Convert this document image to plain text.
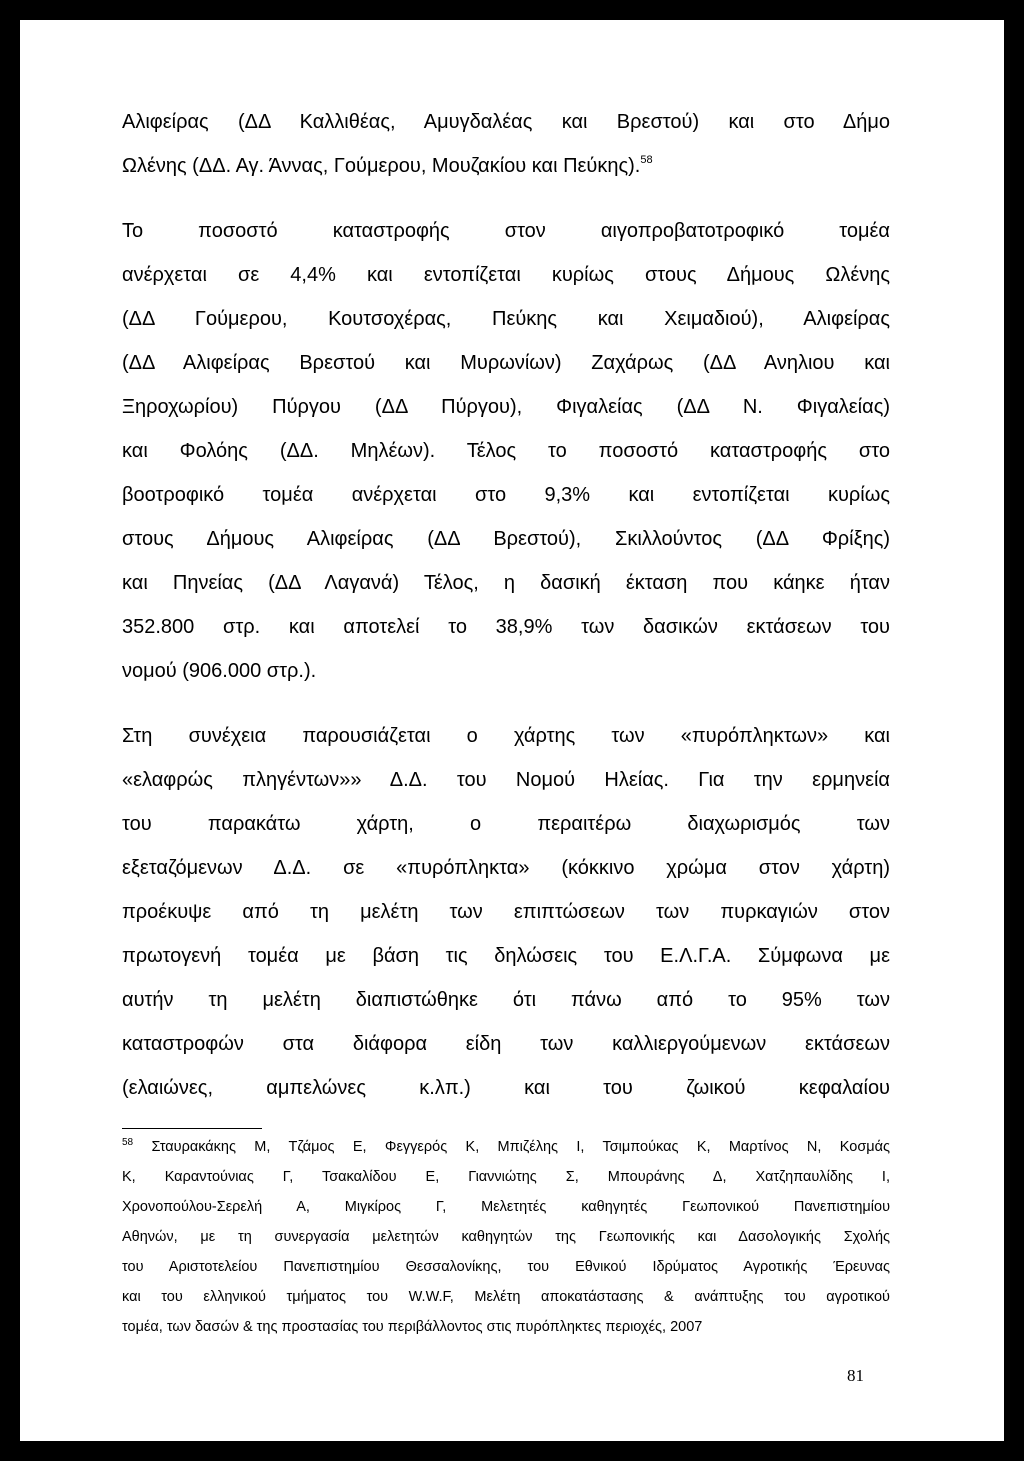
Αλιφείρας (ΔΔ Καλλιθέας, Αμυγδαλέας και Βρεστού) και στο Δήμο
Ωλένης (ΔΔ. Αγ. Άννας, Γούμερου, Μουζακίου και Πεύκης).$^{58}$
Το ποσοστό καταστροφής στον αιγοπροβατοτροφικό τομέα
ανέρχεται σε 4,4% και εντοπίζεται κυρίως στους Δήμους Ωλένης
(ΔΔ Γούμερου, Κουτσοχέρας, Πεύκης και Χειμαδιού), Αλιφείρας
(ΔΔ Αλιφείρας Βρεστού και Μυρωνίων) Ζαχάρως (ΔΔ Ανηλιου και
Ξηροχωρίου) Πύργου (ΔΔ Πύργου), Φιγαλείας (ΔΔ Ν. Φιγαλείας)
και Φολόης (ΔΔ. Μηλέων). Τέλος το ποσοστό καταστροφής στο
βοοτροφικό τομέα ανέρχεται στο 9,3% και εντοπίζεται κυρίως
στους Δήμους Αλιφείρας (ΔΔ Βρεστού), Σκιλλούντος (ΔΔ Φρίξης)
και Πηνείας (ΔΔ Λαγανά) Τέλος, η δασική έκταση που κάηκε ήταν
352.800 στρ. και αποτελεί το 38,9% των δασικών εκτάσεων του
νομού (906.000 στρ.).
Στη συνέχεια παρουσιάζεται ο χάρτης των «πυρόπληκτων» και
«ελαφρώς πληγέντων»» Δ.Δ. του Νομού Ηλείας. Για την ερμηνεία
του παρακάτω χάρτη, ο περαιτέρω διαχωρισμός των
εξεταζόμενων Δ.Δ. σε «πυρόπληκτα» (κόκκινο χρώμα στον χάρτη)
προέκυψε από τη μελέτη των επιπτώσεων των πυρκαγιών στον
πρωτογενή τομέα με βάση τις δηλώσεις του Ε.Λ.Γ.Α. Σύμφωνα με
αυτήν τη μελέτη διαπιστώθηκε ότι πάνω από το 95% των
καταστροφών στα διάφορα είδη των καλλιεργούμενων εκτάσεων
(ελαιώνες, αμπελώνες κ.λπ.) και του ζωικού κεφαλαίου
$^{58}$ Σταυρακάκης Μ, Τζάμος Ε, Φεγγερός Κ, Μπιζέλης Ι, Τσιμπούκας Κ, Μαρτίνος Ν, Κοσμάς
Κ, Καραντούνιας Γ, Τσακαλίδου Ε, Γιαννιώτης Σ, Μπουράνης Δ, Χατζηπαυλίδης Ι,
Χρονοπούλου-Σερελή Α, Μιγκίρος Γ, Μελετητές καθηγητές Γεωπονικού Πανεπιστημίου
Αθηνών, με τη συνεργασία μελετητών καθηγητών της Γεωπονικής και Δασολογικής Σχολής
του Αριστοτελείου Πανεπιστημίου Θεσσαλονίκης, του Εθνικού Ιδρύματος Αγροτικής Έρευνας
και του ελληνικού τμήματος του W.W.F, Μελέτη αποκατάστασης & ανάπτυξης του αγροτικού
τομέα, των δασών & της προστασίας του περιβάλλοντος στις πυρόπληκτες περιοχές, 2007
81
